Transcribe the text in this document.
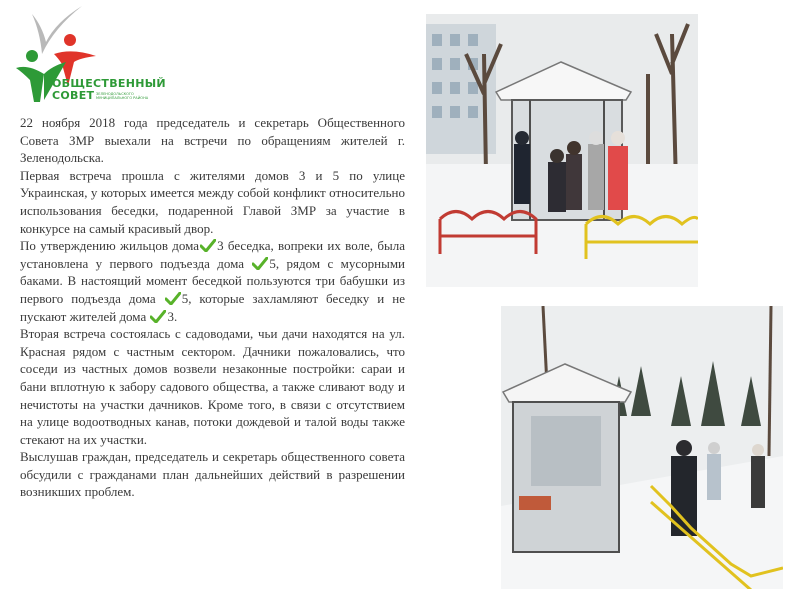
ОБЩЕСТВЕННЫЙ
СОВЕТ ЗЕЛЕНОДОЛЬСКОГО МУНИЦИПАЛЬНОГО РАЙОНА

22 ноября 2018 года председатель и секретарь Общественного Совета ЗМР выехали на встречи по обращениям жителей г. Зеленодольска.

Первая встреча прошла с жителями домов 3 и 5 по улице Украинская, у которых имеется между собой конфликт относительно использования беседки, подаренной Главой ЗМР за участие в конкурсе на самый красивый двор.

По утверждению жильцов дома 3 беседка, вопреки их воле, была установлена у первого подъезда дома 5, рядом с мусорными баками. В настоящий момент беседкой пользуются три бабушки из первого подъезда дома 5, которые захламляют беседку и не пускают жителей дома 3.

Вторая встреча состоялась с садоводами, чьи дачи находятся на ул. Красная рядом с частным сектором. Дачники пожаловались, что соседи из частных домов возвели незаконные постройки: сараи и бани вплотную к забору садового общества, а также сливают воду и нечистоты на участки дачников. Кроме того, в связи с отсутствием на улице водоотводных канав, потоки дождевой и талой воды также стекают на их участки.

Выслушав граждан, председатель и секретарь общественного совета обсудили с гражданами план дальнейших действий в разрешении возникших проблем.
